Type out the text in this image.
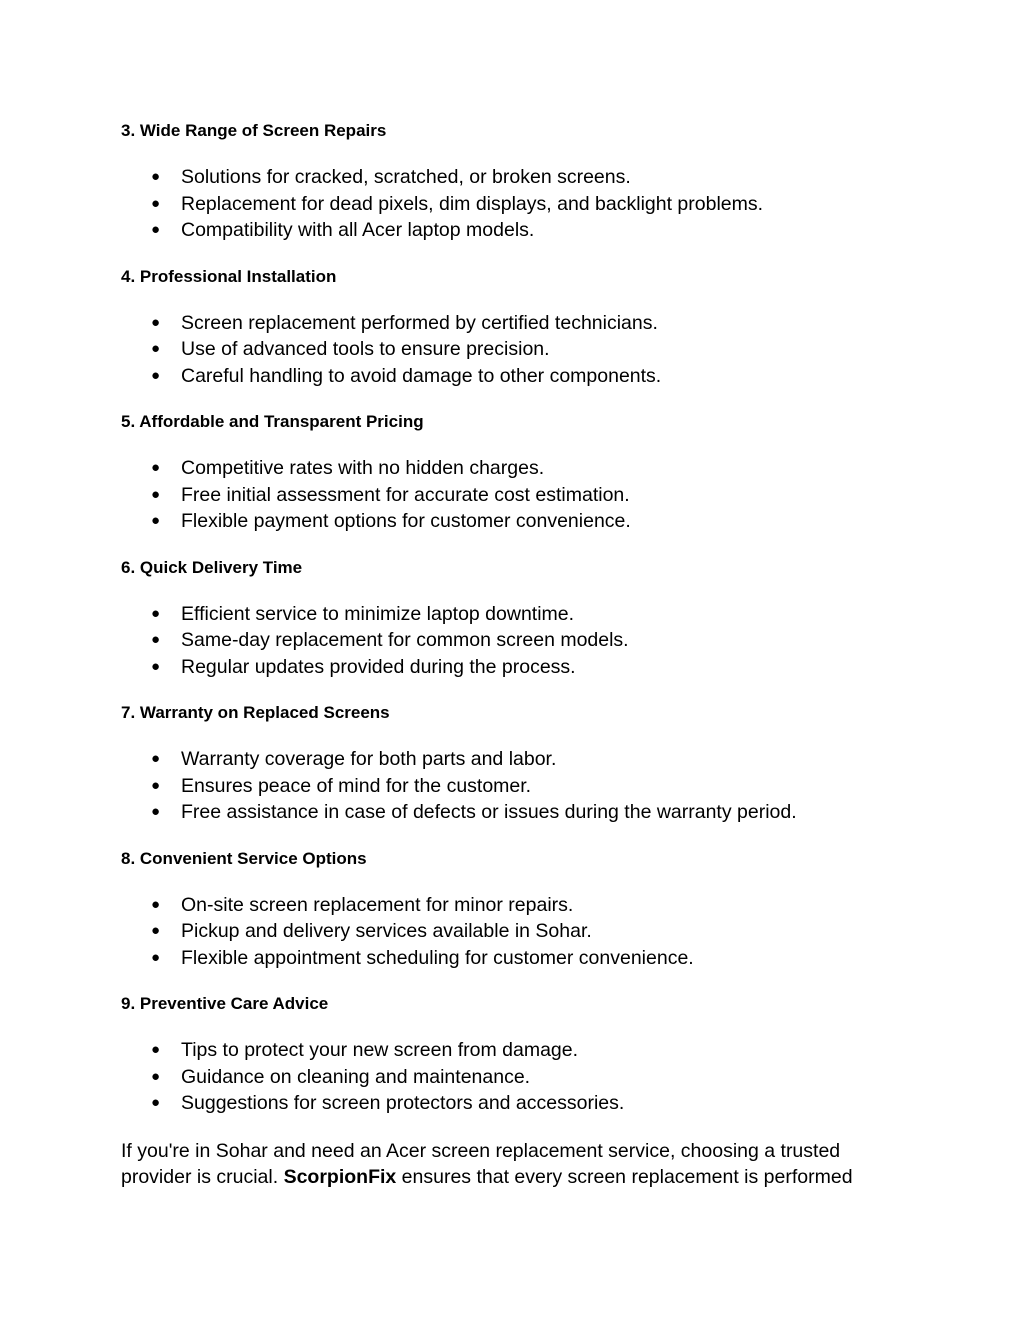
3. Wide Range of Screen Repairs

● Solutions for cracked, scratched, or broken screens.
● Replacement for dead pixels, dim displays, and backlight problems.
● Compatibility with all Acer laptop models.

4. Professional Installation

● Screen replacement performed by certified technicians.
● Use of advanced tools to ensure precision.
● Careful handling to avoid damage to other components.

5. Affordable and Transparent Pricing

● Competitive rates with no hidden charges.
● Free initial assessment for accurate cost estimation.
● Flexible payment options for customer convenience.

6. Quick Delivery Time

● Efficient service to minimize laptop downtime.
● Same-day replacement for common screen models.
● Regular updates provided during the process.

7. Warranty on Replaced Screens

● Warranty coverage for both parts and labor.
● Ensures peace of mind for the customer.
● Free assistance in case of defects or issues during the warranty period.

8. Convenient Service Options

● On-site screen replacement for minor repairs.
● Pickup and delivery services available in Sohar.
● Flexible appointment scheduling for customer convenience.

9. Preventive Care Advice

● Tips to protect your new screen from damage.
● Guidance on cleaning and maintenance.
● Suggestions for screen protectors and accessories.

If you're in Sohar and need an Acer screen replacement service, choosing a trusted provider is crucial. ScorpionFix ensures that every screen replacement is performed
